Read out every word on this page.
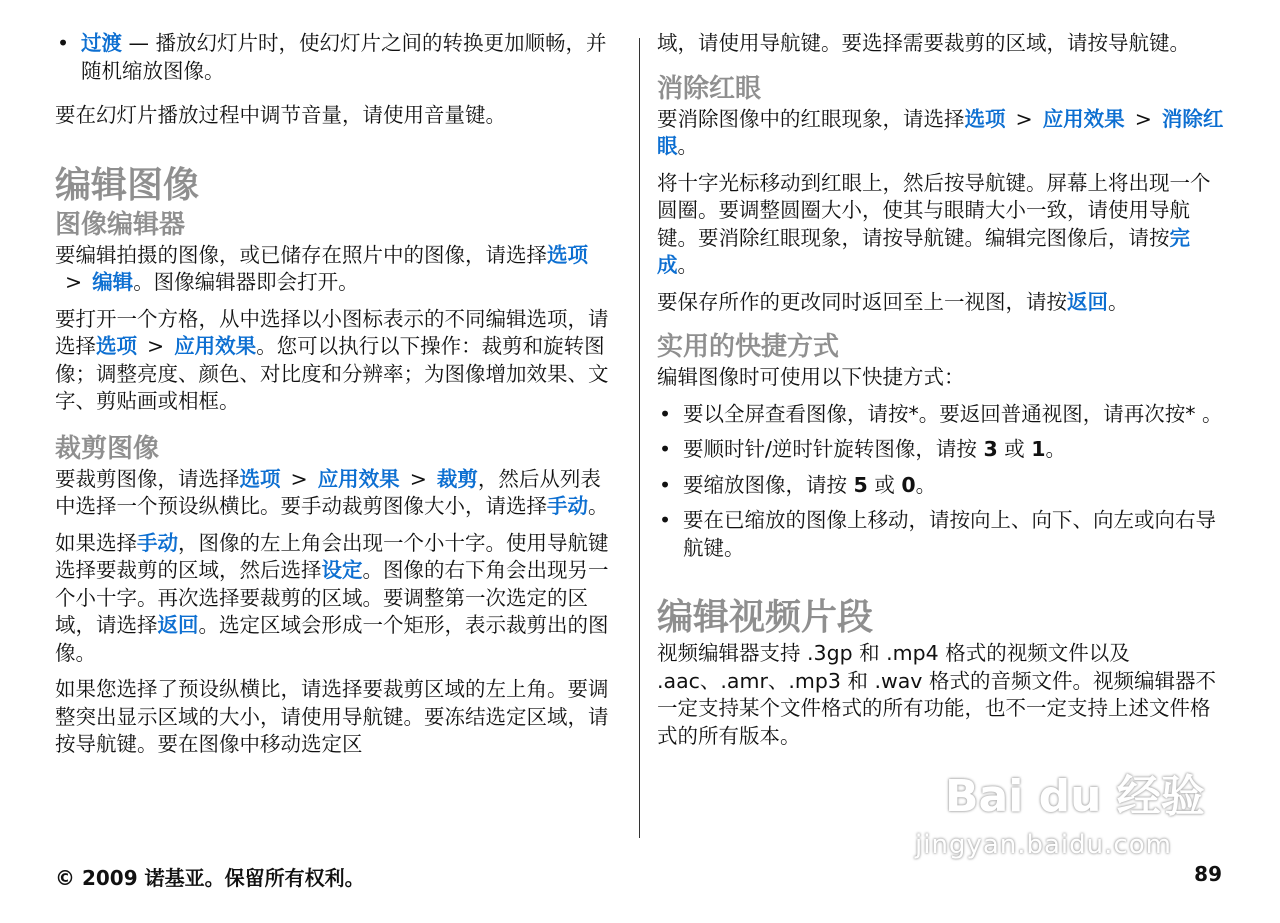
• 过渡 — 播放幻灯片时，使幻灯片之间的转换更加顺畅，并随机缩放图像。

要在幻灯片播放过程中调节音量，请使用音量键。

编辑图像
图像编辑器

要编辑拍摄的图像，或已储存在照片中的图像，请选择选项> 编辑。图像编辑器即会打开。

要打开一个方格，从中选择以小图标表示的不同编辑选项，请选择选项 > 应用效果。您可以执行以下操作：裁剪和旋转图像；调整亮度、颜色、对比度和分辨率；为图像增加效果、文字、剪贴画或相框。

裁剪图像

要裁剪图像，请选择选项 > 应用效果 > 裁剪，然后从列表中选择一个预设纵横比。要手动裁剪图像大小，请选择手动。

如果选择手动，图像的左上角会出现一个小十字。使用导航键选择要裁剪的区域，然后选择设定。图像的右下角会出现另一个小十字。再次选择要裁剪的区域。要调整第一次选定的区域，请选择返回。选定区域会形成一个矩形，表示裁剪出的图像。

如果您选择了预设纵横比，请选择要裁剪区域的左上角。要调整突出显示区域的大小，请使用导航键。要冻结选定区域，请按导航键。要在图像中移动选定区

域，请使用导航键。要选择需要裁剪的区域，请按导航键。

消除红眼

要消除图像中的红眼现象，请选择选项 > 应用效果 > 消除红眼。

将十字光标移动到红眼上，然后按导航键。屏幕上将出现一个圆圈。要调整圆圈大小，使其与眼睛大小一致，请使用导航键。要消除红眼现象，请按导航键。编辑完图像后，请按完成。

要保存所作的更改同时返回至上一视图，请按返回。

实用的快捷方式

编辑图像时可使用以下快捷方式：

• 要以全屏查看图像，请按*。要返回普通视图，请再次按* 。
• 要顺时针/逆时针旋转图像，请按 3 或 1。
• 要缩放图像，请按 5 或 0。
• 要在已缩放的图像上移动，请按向上、向下、向左或向右导航键。
编辑视频片段

视频编辑器支持 .3gp 和 .mp4 格式的视频文件以及 .aac、.amr、.mp3 和 .wav 格式的音频文件。视频编辑器不一定支持某个文件格式的所有功能，也不一定支持上述文件格式的所有版本。

© 2009 诺基亚。保留所有权利。	89
Bai du 经验
jingyan.baidu.com
